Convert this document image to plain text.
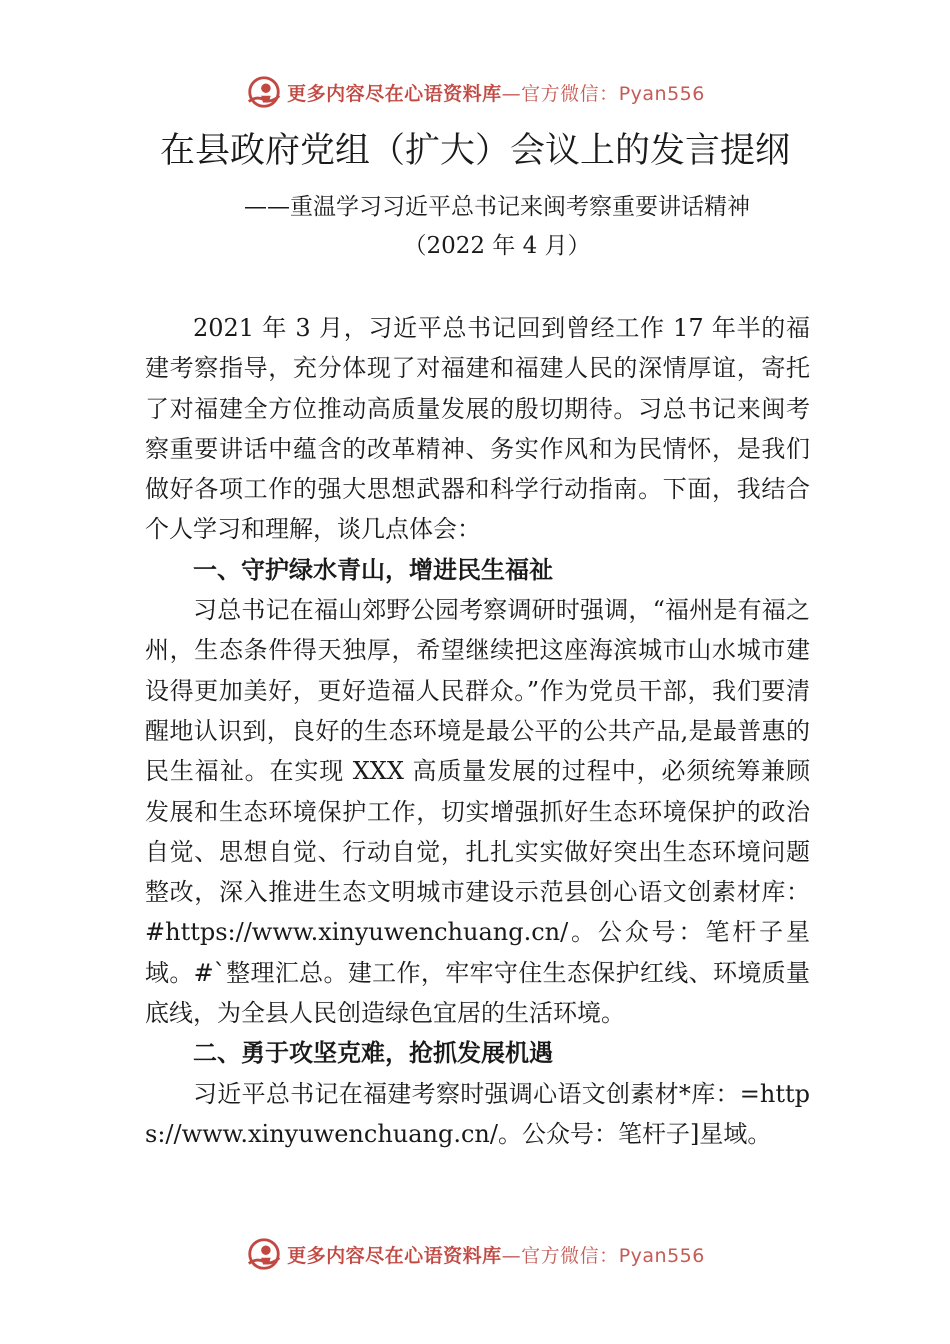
更多内容尽在心语资料库—官方微信：Pyan556
在县政府党组（扩大）会议上的发言提纲
——重温学习习近平总书记来闽考察重要讲话精神
（2022 年 4 月）

2021 年 3 月，习近平总书记回到曾经工作 17 年半的福建考察指导，充分体现了对福建和福建人民的深情厚谊，寄托了对福建全方位推动高质量发展的殷切期待。习总书记来闽考察重要讲话中蕴含的改革精神、务实作风和为民情怀，是我们做好各项工作的强大思想武器和科学行动指南。下面，我结合个人学习和理解，谈几点体会：

一、守护绿水青山，增进民生福祉

习总书记在福山郊野公园考察调研时强调，“福州是有福之州，生态条件得天独厚，希望继续把这座海滨城市山水城市建设得更加美好，更好造福人民群众。”作为党员干部，我们要清醒地认识到，良好的生态环境是最公平的公共产品,是最普惠的民生福祉。在实现 XXX 高质量发展的过程中，必须统筹兼顾发展和生态环境保护工作，切实增强抓好生态环境保护的政治自觉、思想自觉、行动自觉，扎扎实实做好突出生态环境问题整改，深入推进生态文明城市建设示范县创心语文创素材库：#https://www.xinyuwenchuang.cn/。公众号：笔杆子星域。#`整理汇总。建工作，牢牢守住生态保护红线、环境质量底线，为全县人民创造绿色宜居的生活环境。

二、勇于攻坚克难，抢抓发展机遇

习近平总书记在福建考察时强调心语文创素材*库：=https://www.xinyuwenchuang.cn/。公众号：笔杆子]星域。

更多内容尽在心语资料库—官方微信：Pyan556
